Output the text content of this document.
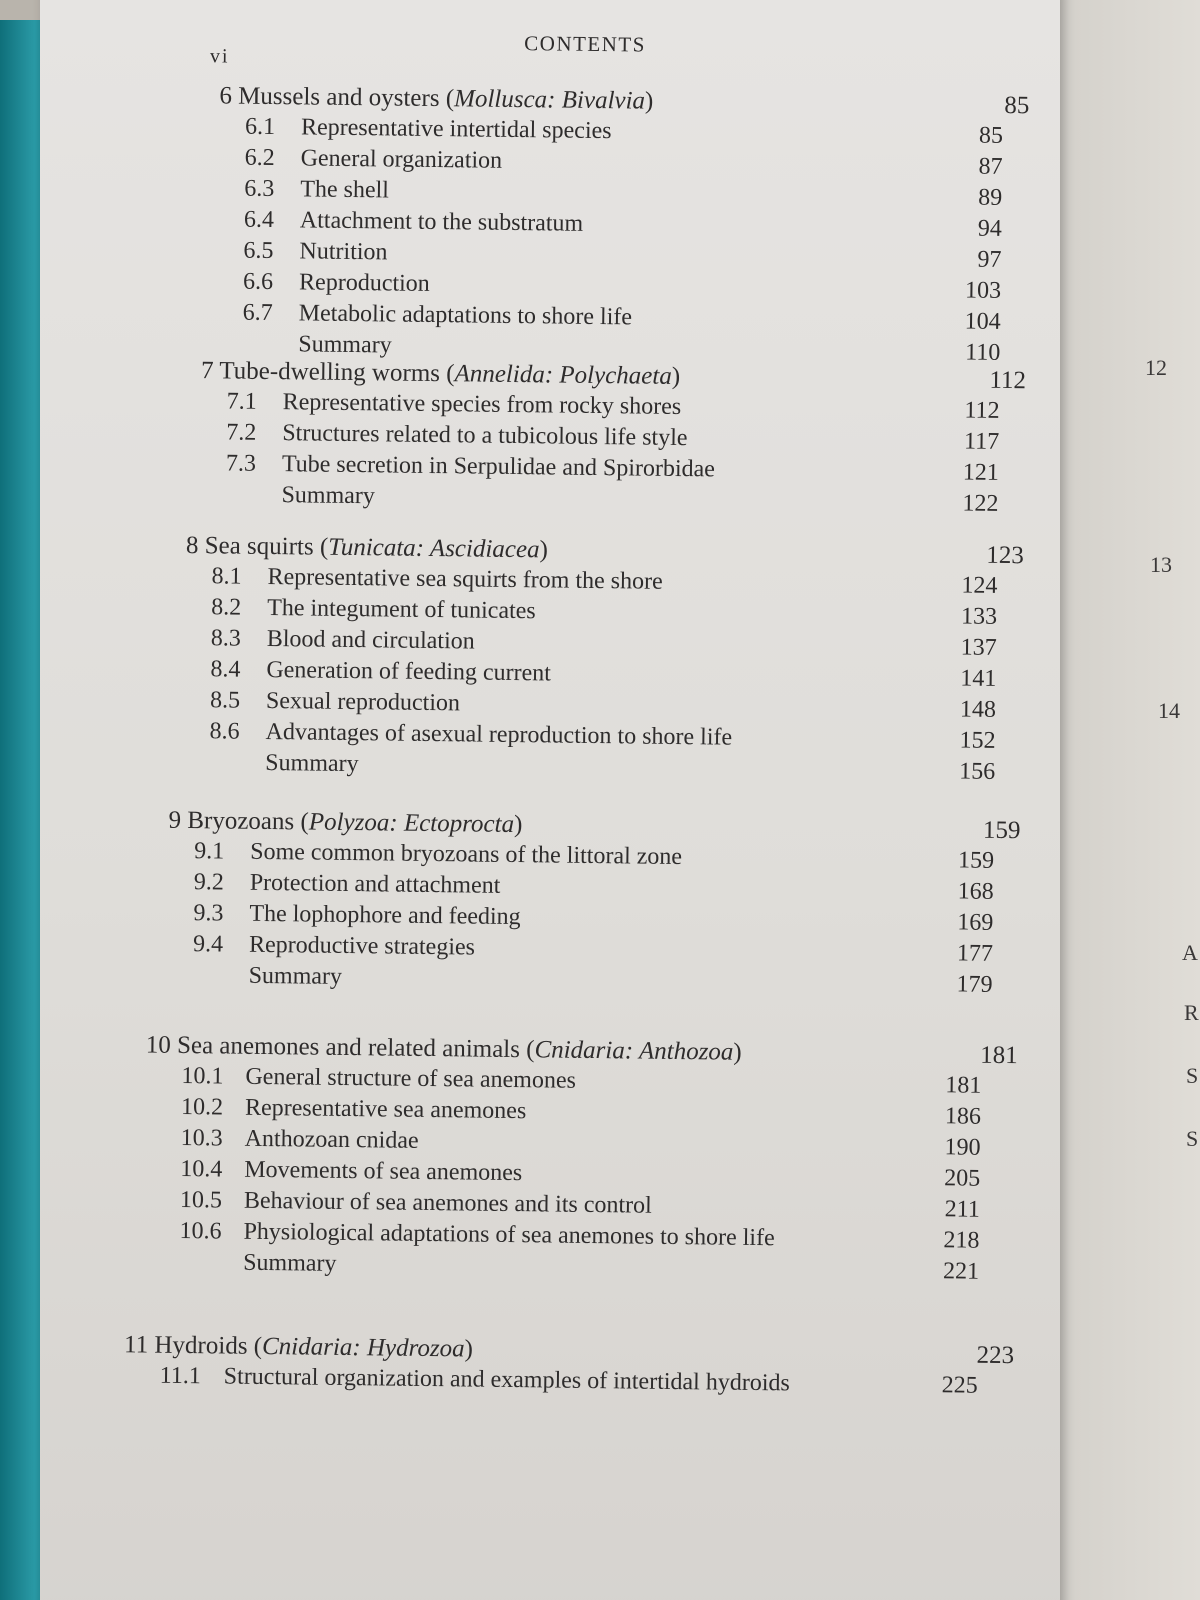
12
13
14
A
R
S
S
CONTENTS
vi
6 Mussels and oysters (Mollusca: Bivalvia)	85
6.1 Representative intertidal species	85
6.2 General organization	87
6.3 The shell	89
6.4 Attachment to the substratum	94
6.5 Nutrition	97
6.6 Reproduction	103
6.7 Metabolic adaptations to shore life	104
Summary	110
7 Tube-dwelling worms (Annelida: Polychaeta)	112
7.1 Representative species from rocky shores	112
7.2 Structures related to a tubicolous life style	117
7.3 Tube secretion in Serpulidae and Spirorbidae	121
Summary	122
8 Sea squirts (Tunicata: Ascidiacea)	123
8.1 Representative sea squirts from the shore	124
8.2 The integument of tunicates	133
8.3 Blood and circulation	137
8.4 Generation of feeding current	141
8.5 Sexual reproduction	148
8.6 Advantages of asexual reproduction to shore life	152
Summary	156
9 Bryozoans (Polyzoa: Ectoprocta)	159
9.1 Some common bryozoans of the littoral zone	159
9.2 Protection and attachment	168
9.3 The lophophore and feeding	169
9.4 Reproductive strategies	177
Summary	179
10 Sea anemones and related animals (Cnidaria: Anthozoa)	181
10.1 General structure of sea anemones	181
10.2 Representative sea anemones	186
10.3 Anthozoan cnidae	190
10.4 Movements of sea anemones	205
10.5 Behaviour of sea anemones and its control	211
10.6 Physiological adaptations of sea anemones to shore life	218
Summary	221
11 Hydroids (Cnidaria: Hydrozoa)	223
11.1 Structural organization and examples of intertidal hydroids	225
